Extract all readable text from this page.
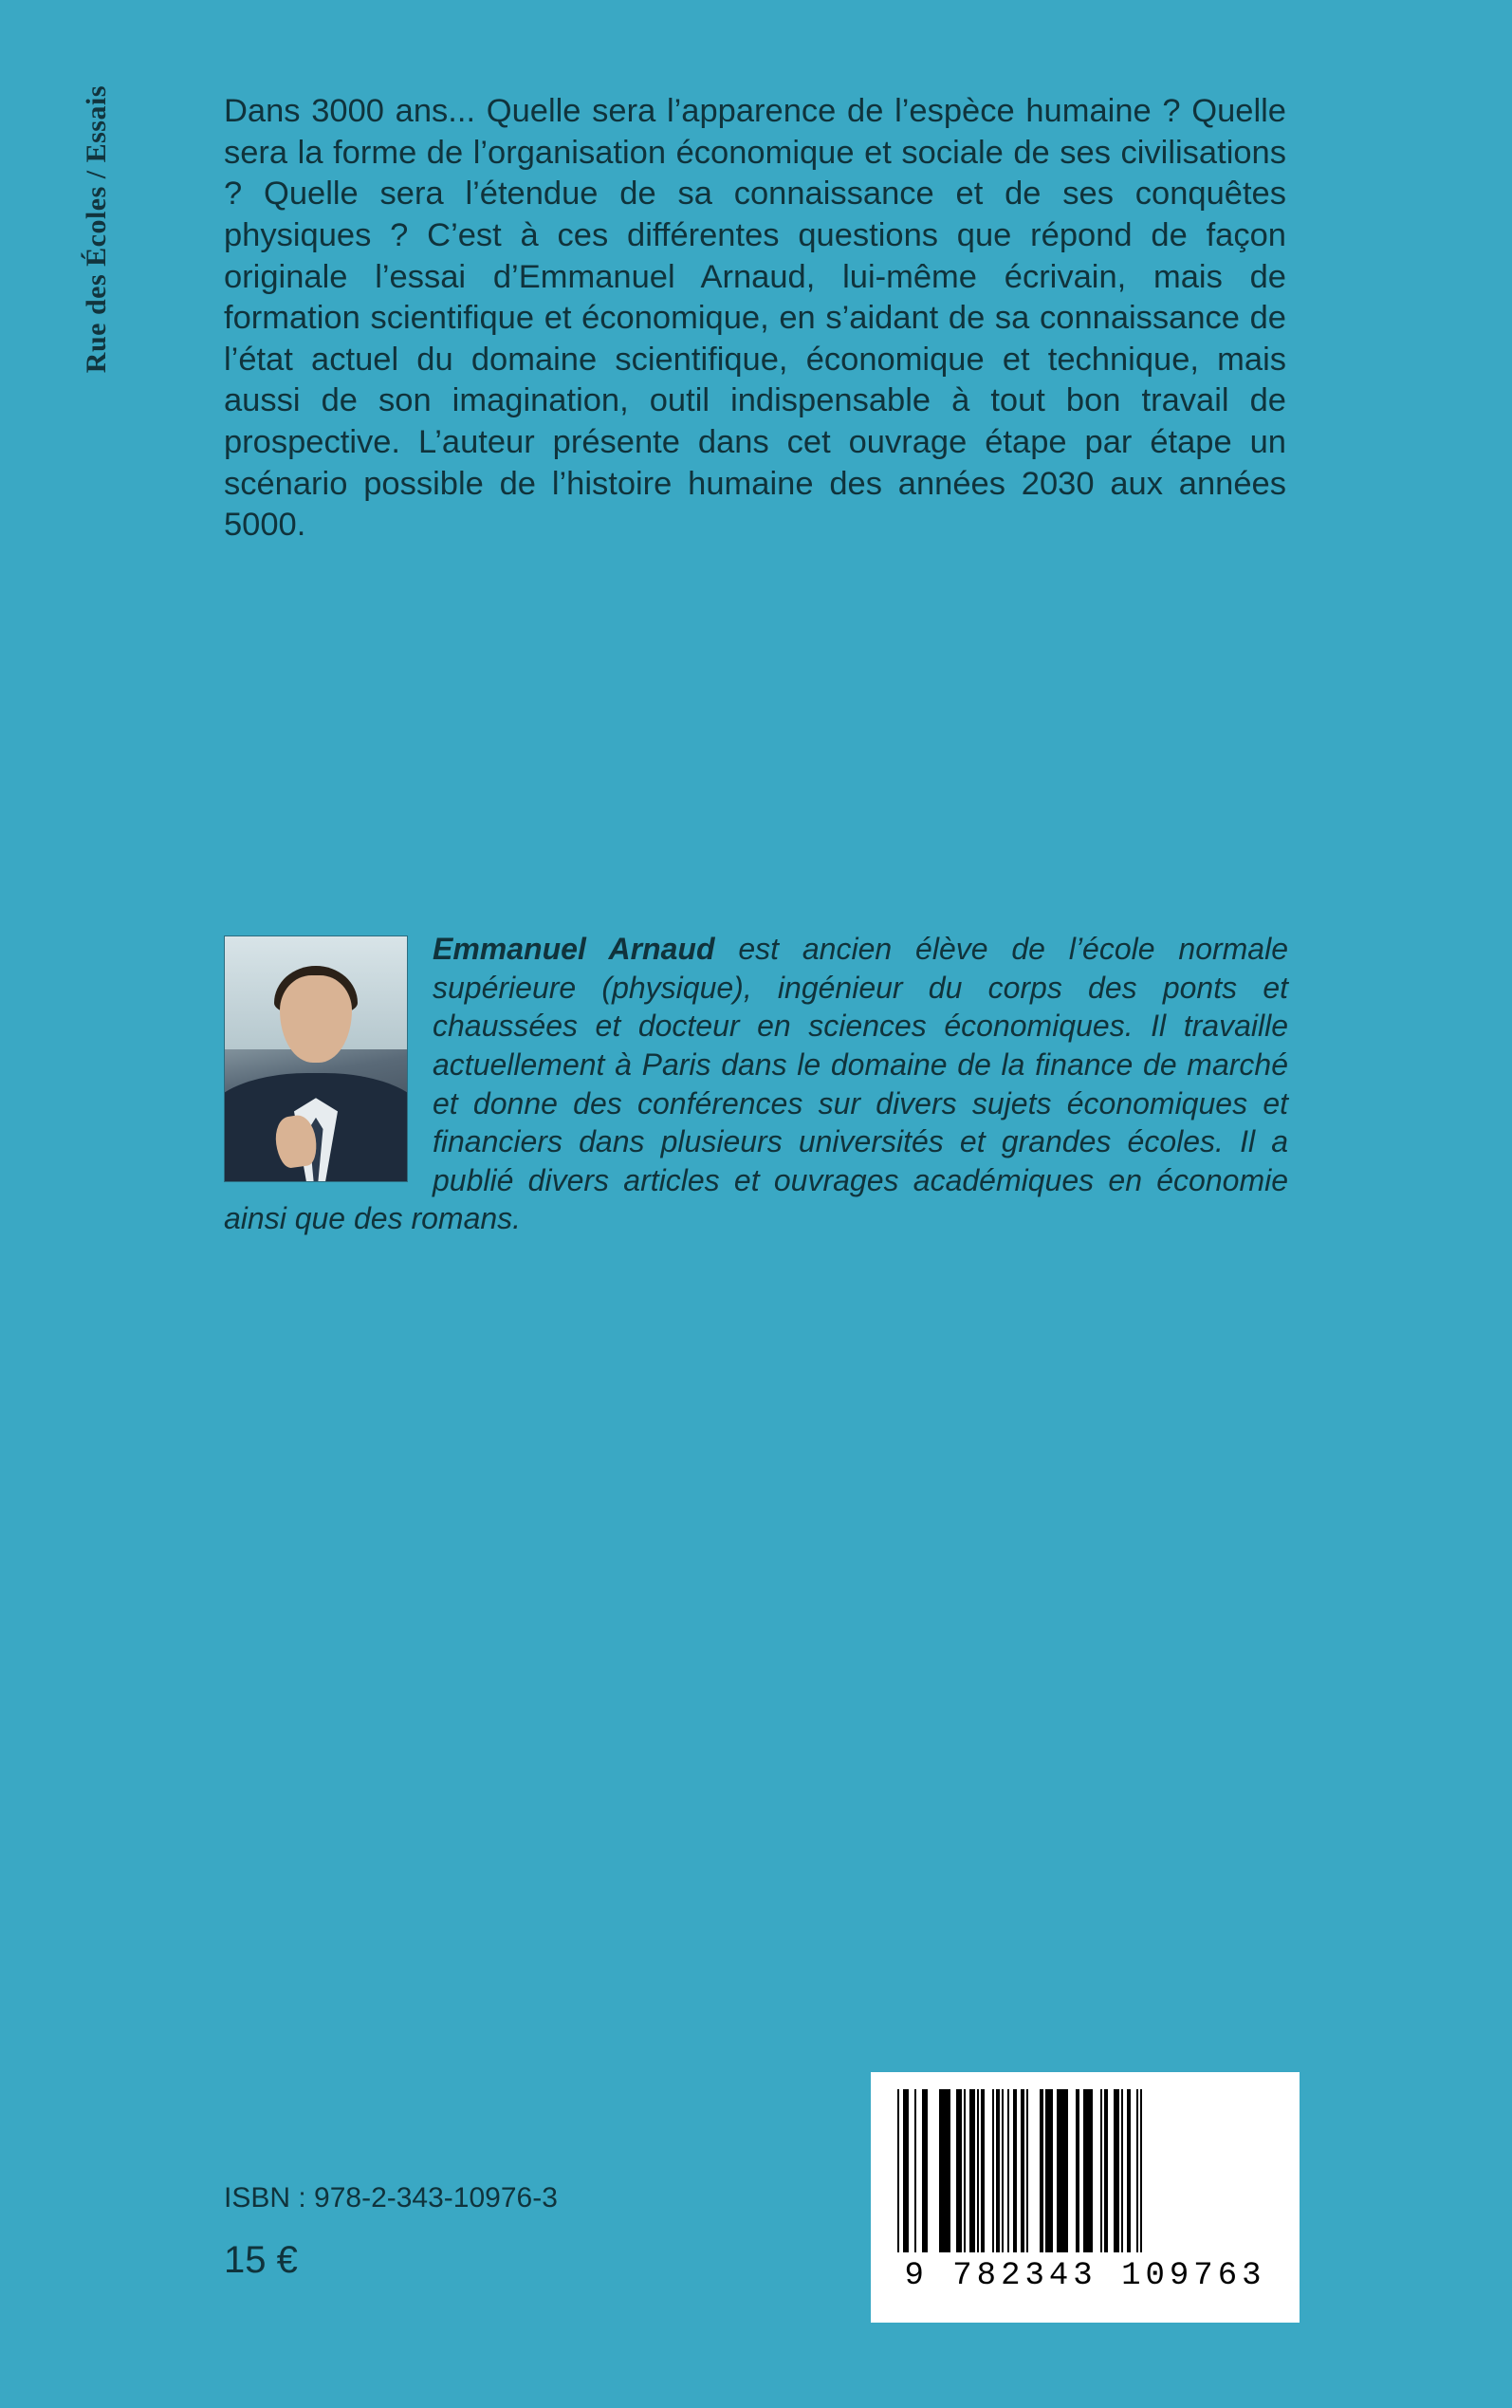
Rue des Écoles / Essais	Dans 3000 ans... Quelle sera l’apparence de l’espèce humaine ? Quelle sera la forme de l’organisation économique et sociale de ses civilisations ? Quelle sera l’étendue de sa connaissance et de ses conquêtes physiques ? C’est à ces différentes questions que répond de façon originale l’essai d’Emmanuel Arnaud, lui-même écrivain, mais de formation scientifique et économique, en s’aidant de sa connaissance de l’état actuel du domaine scientifique, économique et technique, mais aussi de son imagination, outil indispensable à tout bon travail de prospective. L’auteur présente dans cet ouvrage étape par étape un scénario possible de l’histoire humaine des années 2030 aux années 5000.
Emmanuel Arnaud est ancien élève de l’école normale supérieure (physique), ingénieur du corps des ponts et chaussées et docteur en sciences économiques. Il travaille actuellement à Paris dans le domaine de la finance de marché et donne des conférences sur divers sujets économiques et financiers dans plusieurs universités et grandes écoles. Il a publié divers articles et ouvrages académiques en économie ainsi que des romans.
ISBN : 978-2-343-10976-3
15 €	9 782343 109763
